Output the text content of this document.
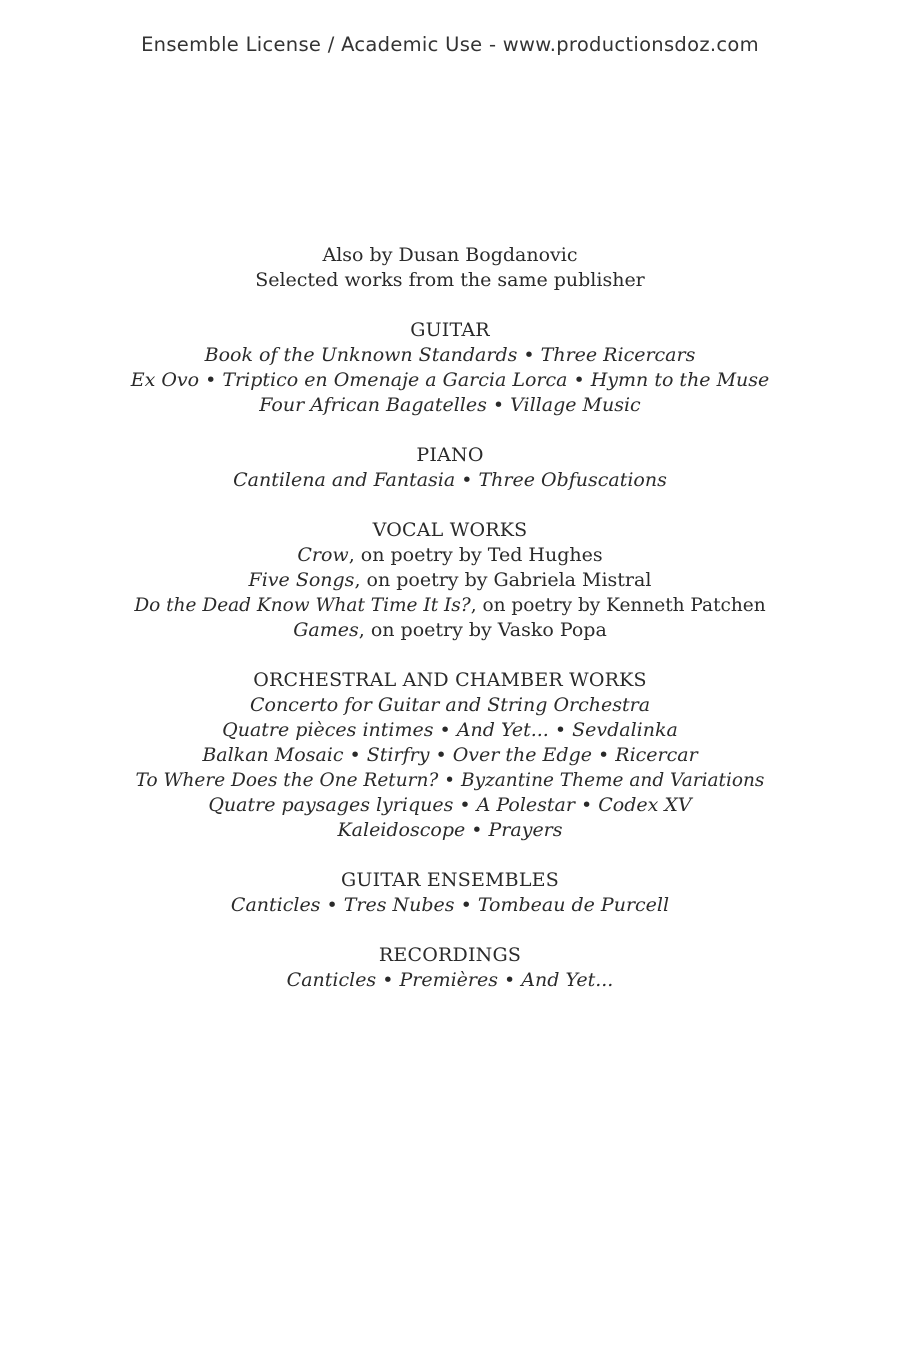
Ensemble License / Academic Use - www.productionsdoz.com
Also by Dusan Bogdanovic
Selected works from the same publisher
GUITAR
Book of the Unknown Standards • Three Ricercars
Ex Ovo • Triptico en Omenaje a Garcia Lorca • Hymn to the Muse
Four African Bagatelles • Village Music
PIANO
Cantilena and Fantasia • Three Obfuscations
VOCAL WORKS
Crow, on poetry by Ted Hughes
Five Songs, on poetry by Gabriela Mistral
Do the Dead Know What Time It Is?, on poetry by Kenneth Patchen
Games, on poetry by Vasko Popa
ORCHESTRAL AND CHAMBER WORKS
Concerto for Guitar and String Orchestra
Quatre pièces intimes • And Yet... • Sevdalinka
Balkan Mosaic • Stirfry • Over the Edge • Ricercar
To Where Does the One Return? • Byzantine Theme and Variations
Quatre paysages lyriques • A Polestar • Codex XV
Kaleidoscope • Prayers
GUITAR ENSEMBLES
Canticles • Tres Nubes • Tombeau de Purcell
RECORDINGS
Canticles • Premières • And Yet...
